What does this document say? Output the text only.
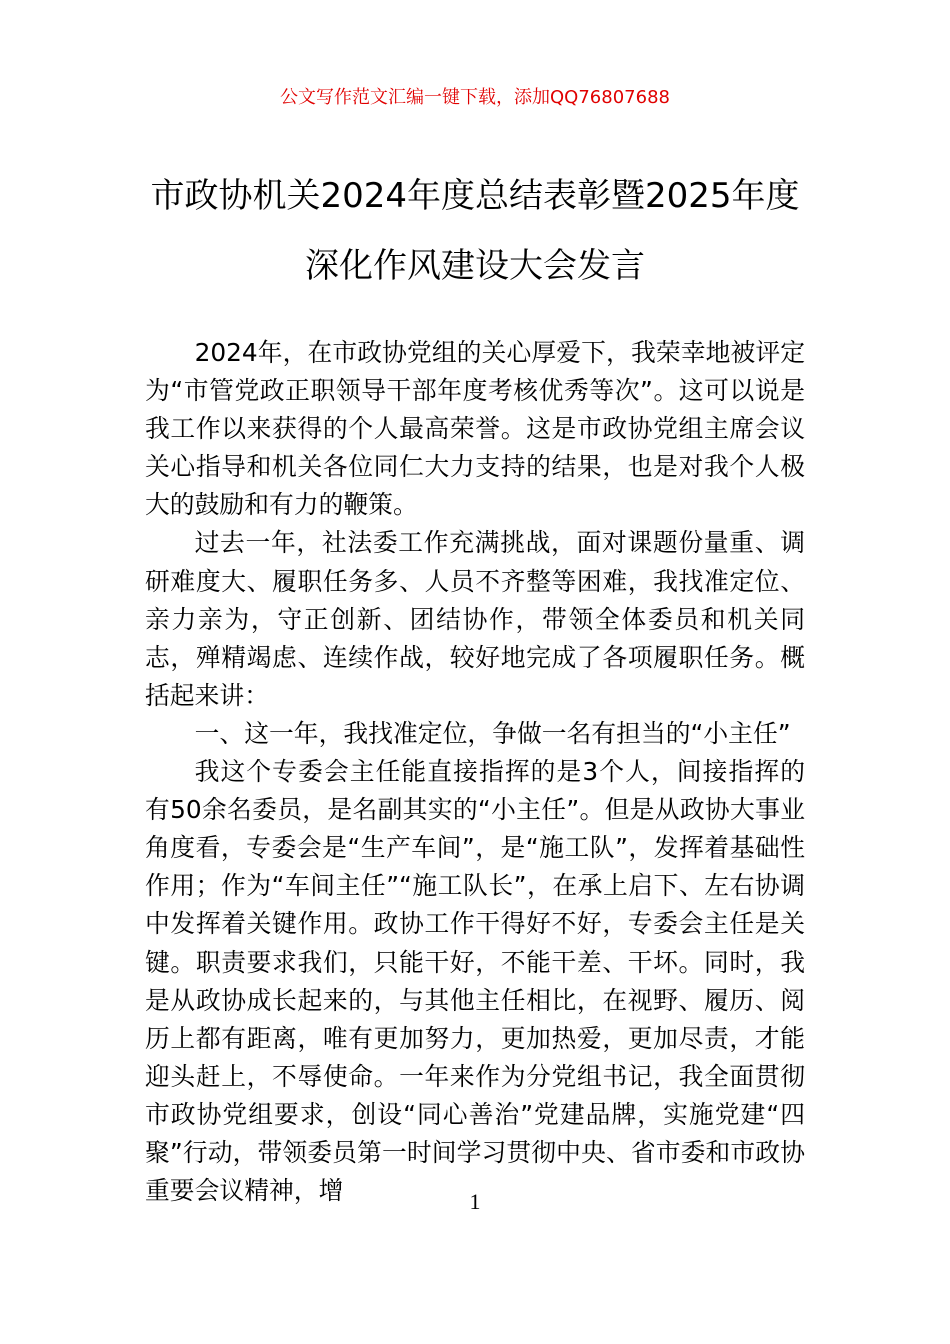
公文写作范文汇编一键下载，添加QQ76807688
市政协机关2024年度总结表彰暨2025年度
深化作风建设大会发言

2024年，在市政协党组的关心厚爱下，我荣幸地被评定为“市管党政正职领导干部年度考核优秀等次”。这可以说是我工作以来获得的个人最高荣誉。这是市政协党组主席会议关心指导和机关各位同仁大力支持的结果，也是对我个人极大的鼓励和有力的鞭策。

过去一年，社法委工作充满挑战，面对课题份量重、调研难度大、履职任务多、人员不齐整等困难，我找准定位、亲力亲为，守正创新、团结协作，带领全体委员和机关同志，殚精竭虑、连续作战，较好地完成了各项履职任务。概括起来讲：

一、这一年，我找准定位，争做一名有担当的“小主任”

我这个专委会主任能直接指挥的是3个人，间接指挥的有50余名委员，是名副其实的“小主任”。但是从政协大事业角度看，专委会是“生产车间”，是“施工队”，发挥着基础性作用；作为“车间主任”“施工队长”，在承上启下、左右协调中发挥着关键作用。政协工作干得好不好，专委会主任是关键。职责要求我们，只能干好，不能干差、干坏。同时，我是从政协成长起来的，与其他主任相比，在视野、履历、阅历上都有距离，唯有更加努力，更加热爱，更加尽责，才能迎头赶上，不辱使命。一年来作为分党组书记，我全面贯彻市政协党组要求，创设“同心善治”党建品牌，实施党建“四聚”行动，带领委员第一时间学习贯彻中央、省市委和市政协重要会议精神，增	1
